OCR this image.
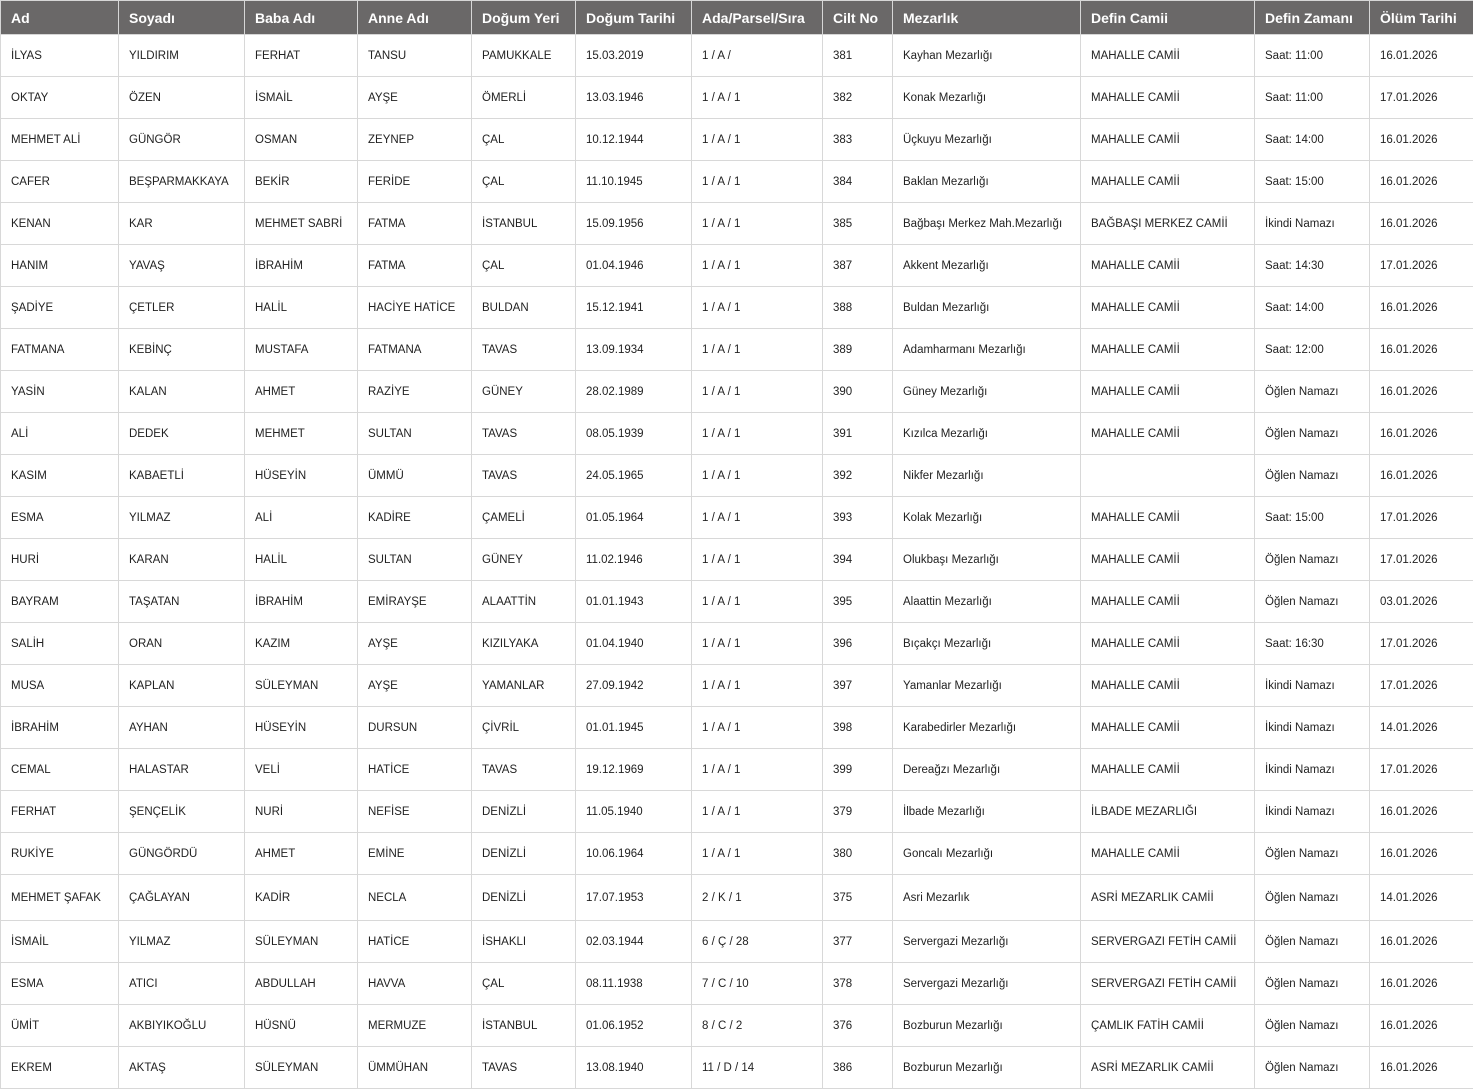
Ad	Soyadı	Baba Adı	Anne Adı	Doğum Yeri	Doğum Tarihi	Ada/Parsel/Sıra	Cilt No	Mezarlık	Defin Camii	Defin Zamanı	Ölüm Tarihi
İLYAS	YILDIRIM	FERHAT	TANSU	PAMUKKALE	15.03.2019	1 / A /	381	Kayhan Mezarlığı	MAHALLE CAMİİ	Saat: 11:00	16.01.2026
OKTAY	ÖZEN	İSMAİL	AYŞE	ÖMERLİ	13.03.1946	1 / A / 1	382	Konak Mezarlığı	MAHALLE CAMİİ	Saat: 11:00	17.01.2026
MEHMET ALİ	GÜNGÖR	OSMAN	ZEYNEP	ÇAL	10.12.1944	1 / A / 1	383	Üçkuyu Mezarlığı	MAHALLE CAMİİ	Saat: 14:00	16.01.2026
CAFER	BEŞPARMAKKAYA	BEKİR	FERİDE	ÇAL	11.10.1945	1 / A / 1	384	Baklan Mezarlığı	MAHALLE CAMİİ	Saat: 15:00	16.01.2026
KENAN	KAR	MEHMET SABRİ	FATMA	İSTANBUL	15.09.1956	1 / A / 1	385	Bağbaşı Merkez Mah.Mezarlığı	BAĞBAŞI MERKEZ CAMİİ	İkindi Namazı	16.01.2026
HANIM	YAVAŞ	İBRAHİM	FATMA	ÇAL	01.04.1946	1 / A / 1	387	Akkent Mezarlığı	MAHALLE CAMİİ	Saat: 14:30	17.01.2026
ŞADİYE	ÇETLER	HALİL	HACİYE HATİCE	BULDAN	15.12.1941	1 / A / 1	388	Buldan Mezarlığı	MAHALLE CAMİİ	Saat: 14:00	16.01.2026
FATMANA	KEBİNÇ	MUSTAFA	FATMANA	TAVAS	13.09.1934	1 / A / 1	389	Adamharmanı Mezarlığı	MAHALLE CAMİİ	Saat: 12:00	16.01.2026
YASİN	KALAN	AHMET	RAZİYE	GÜNEY	28.02.1989	1 / A / 1	390	Güney Mezarlığı	MAHALLE CAMİİ	Öğlen Namazı	16.01.2026
ALİ	DEDEK	MEHMET	SULTAN	TAVAS	08.05.1939	1 / A / 1	391	Kızılca Mezarlığı	MAHALLE CAMİİ	Öğlen Namazı	16.01.2026
KASIM	KABAETLİ	HÜSEYİN	ÜMMÜ	TAVAS	24.05.1965	1 / A / 1	392	Nikfer Mezarlığı		Öğlen Namazı	16.01.2026
ESMA	YILMAZ	ALİ	KADİRE	ÇAMELİ	01.05.1964	1 / A / 1	393	Kolak Mezarlığı	MAHALLE CAMİİ	Saat: 15:00	17.01.2026
HURİ	KARAN	HALİL	SULTAN	GÜNEY	11.02.1946	1 / A / 1	394	Olukbaşı Mezarlığı	MAHALLE CAMİİ	Öğlen Namazı	17.01.2026
BAYRAM	TAŞATAN	İBRAHİM	EMİRAYŞE	ALAATTİN	01.01.1943	1 / A / 1	395	Alaattin Mezarlığı	MAHALLE CAMİİ	Öğlen Namazı	03.01.2026
SALİH	ORAN	KAZIM	AYŞE	KIZILYAKA	01.04.1940	1 / A / 1	396	Bıçakçı Mezarlığı	MAHALLE CAMİİ	Saat: 16:30	17.01.2026
MUSA	KAPLAN	SÜLEYMAN	AYŞE	YAMANLAR	27.09.1942	1 / A / 1	397	Yamanlar Mezarlığı	MAHALLE CAMİİ	İkindi Namazı	17.01.2026
İBRAHİM	AYHAN	HÜSEYİN	DURSUN	ÇİVRİL	01.01.1945	1 / A / 1	398	Karabedirler Mezarlığı	MAHALLE CAMİİ	İkindi Namazı	14.01.2026
CEMAL	HALASTAR	VELİ	HATİCE	TAVAS	19.12.1969	1 / A / 1	399	Dereağzı Mezarlığı	MAHALLE CAMİİ	İkindi Namazı	17.01.2026
FERHAT	ŞENÇELİK	NURİ	NEFİSE	DENİZLİ	11.05.1940	1 / A / 1	379	İlbade Mezarlığı	İLBADE MEZARLIĞI	İkindi Namazı	16.01.2026
RUKİYE	GÜNGÖRDÜ	AHMET	EMİNE	DENİZLİ	10.06.1964	1 / A / 1	380	Goncalı Mezarlığı	MAHALLE CAMİİ	Öğlen Namazı	16.01.2026
MEHMET ŞAFAK	ÇAĞLAYAN	KADİR	NECLA	DENİZLİ	17.07.1953	2 / K / 1	375	Asri Mezarlık	ASRİ MEZARLIK CAMİİ	Öğlen Namazı	14.01.2026
İSMAİL	YILMAZ	SÜLEYMAN	HATİCE	İSHAKLI	02.03.1944	6 / Ç / 28	377	Servergazi Mezarlığı	SERVERGAZI FETİH CAMİİ	Öğlen Namazı	16.01.2026
ESMA	ATICI	ABDULLAH	HAVVA	ÇAL	08.11.1938	7 / C / 10	378	Servergazi Mezarlığı	SERVERGAZI FETİH CAMİİ	Öğlen Namazı	16.01.2026
ÜMİT	AKBIYIKOĞLU	HÜSNÜ	MERMUZE	İSTANBUL	01.06.1952	8 / C / 2	376	Bozburun Mezarlığı	ÇAMLIK FATİH CAMİİ	Öğlen Namazı	16.01.2026
EKREM	AKTAŞ	SÜLEYMAN	ÜMMÜHAN	TAVAS	13.08.1940	11 / D / 14	386	Bozburun Mezarlığı	ASRİ MEZARLIK CAMİİ	Öğlen Namazı	16.01.2026
